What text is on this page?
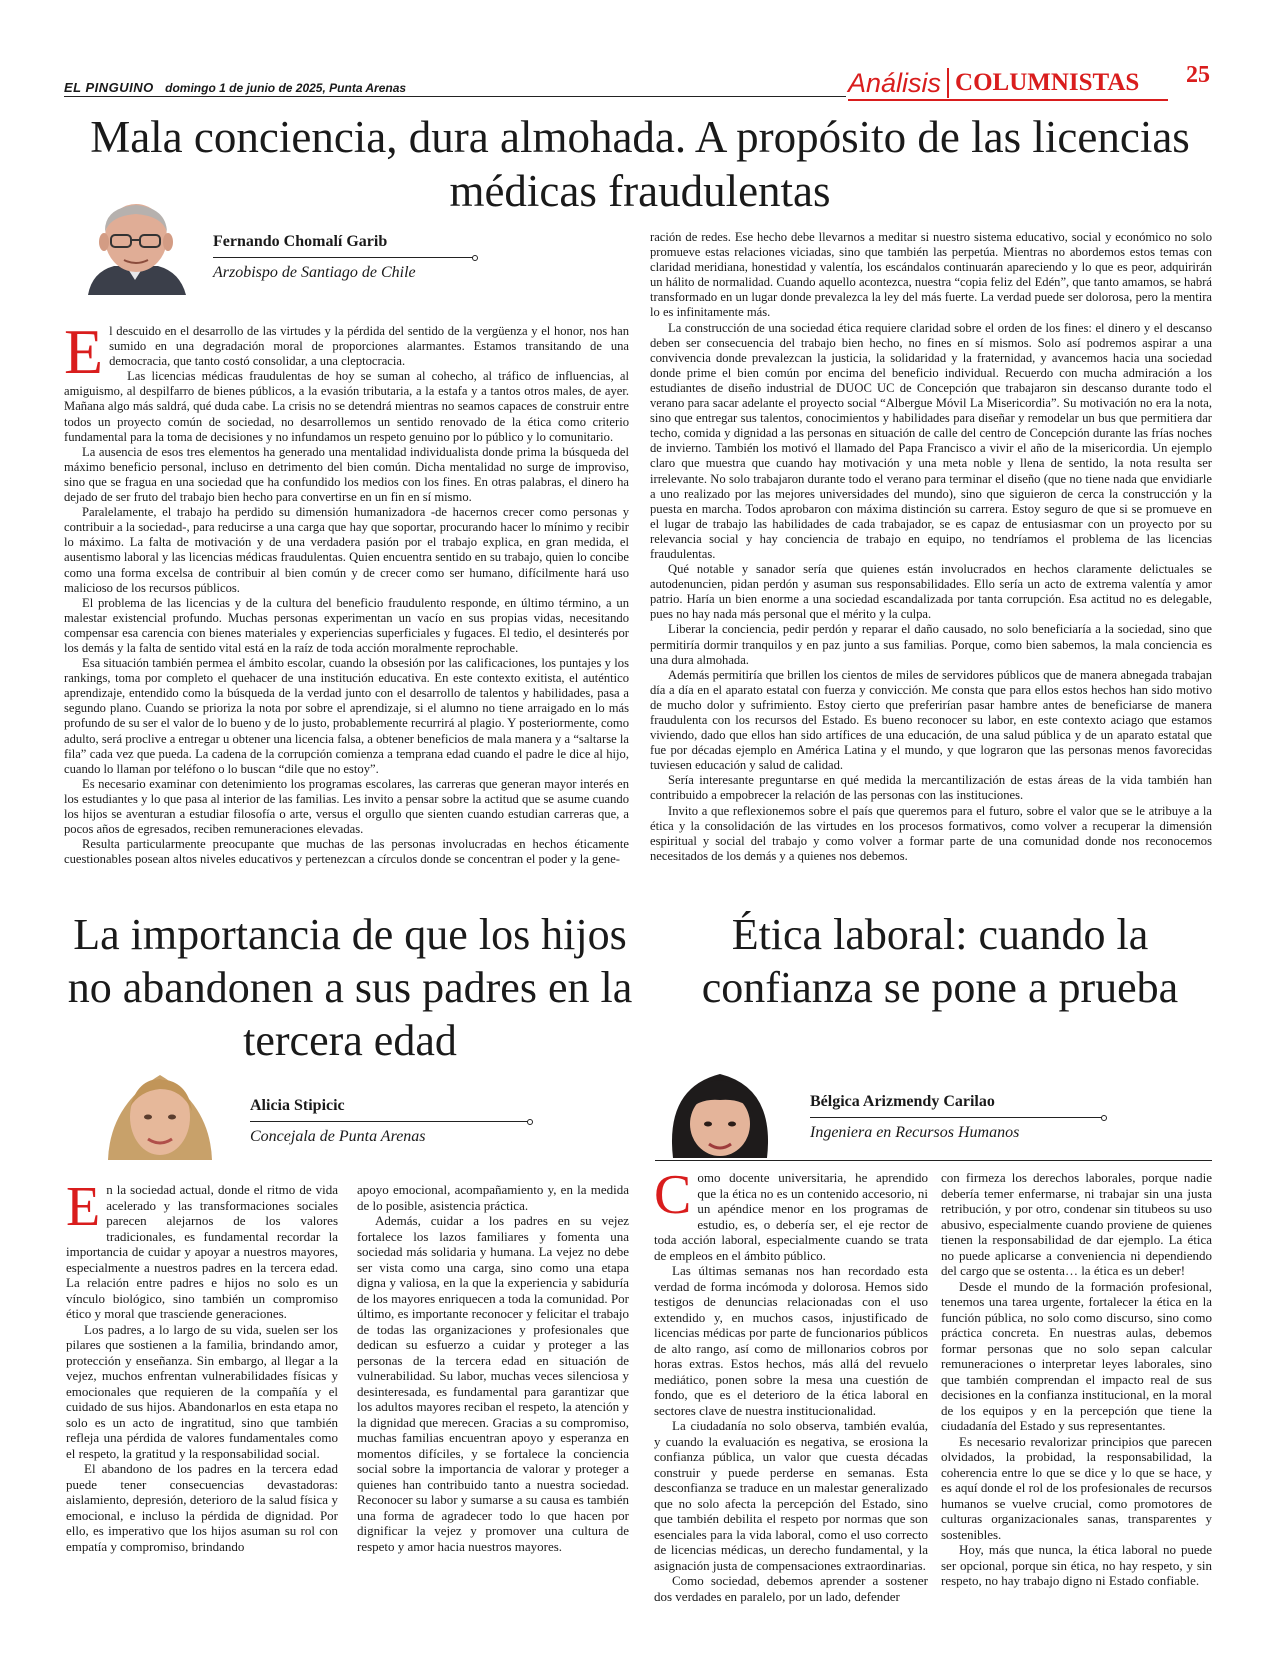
EL PINGUINO domingo 1 de junio de 2025, Punta Arenas	Análisis COLUMNISTAS 25
Mala conciencia, dura almohada. A propósito de las licencias médicas fraudulentas
Fernando Chomalí Garib
Arzobispo de Santiago de Chile
E l descuido en el desarrollo de las virtudes y la pérdida del sentido de la vergüenza y el honor, nos han sumido en una degradación moral de proporciones alarmantes. Estamos transitando de una democracia, que tanto costó consolidar, a una cleptocracia.

Las licencias médicas fraudulentas de hoy se suman al cohecho, al tráfico de influencias, al amiguismo, al despilfarro de bienes públicos, a la evasión tributaria, a la estafa y a tantos otros males, de ayer. Mañana algo más saldrá, qué duda cabe. La crisis no se detendrá mientras no seamos capaces de construir entre todos un proyecto común de sociedad, no desarrollemos un sentido renovado de la ética como criterio fundamental para la toma de decisiones y no infundamos un respeto genuino por lo público y lo comunitario.

La ausencia de esos tres elementos ha generado una mentalidad individualista donde prima la búsqueda del máximo beneficio personal, incluso en detrimento del bien común. Dicha mentalidad no surge de improviso, sino que se fragua en una sociedad que ha confundido los medios con los fines. En otras palabras, el dinero ha dejado de ser fruto del trabajo bien hecho para convertirse en un fin en sí mismo.

Paralelamente, el trabajo ha perdido su dimensión humanizadora -de hacernos crecer como personas y contribuir a la sociedad-, para reducirse a una carga que hay que soportar, procurando hacer lo mínimo y recibir lo máximo. La falta de motivación y de una verdadera pasión por el trabajo explica, en gran medida, el ausentismo laboral y las licencias médicas fraudulentas. Quien encuentra sentido en su trabajo, quien lo concibe como una forma excelsa de contribuir al bien común y de crecer como ser humano, difícilmente hará uso malicioso de los recursos públicos.

El problema de las licencias y de la cultura del beneficio fraudulento responde, en último término, a un malestar existencial profundo. Muchas personas experimentan un vacío en sus propias vidas, necesitando compensar esa carencia con bienes materiales y experiencias superficiales y fugaces. El tedio, el desinterés por los demás y la falta de sentido vital está en la raíz de toda acción moralmente reprochable.

Esa situación también permea el ámbito escolar, cuando la obsesión por las calificaciones, los puntajes y los rankings, toma por completo el quehacer de una institución educativa. En este contexto exitista, el auténtico aprendizaje, entendido como la búsqueda de la verdad junto con el desarrollo de talentos y habilidades, pasa a segundo plano. Cuando se prioriza la nota por sobre el aprendizaje, si el alumno no tiene arraigado en lo más profundo de su ser el valor de lo bueno y de lo justo, probablemente recurrirá al plagio. Y posteriormente, como adulto, será proclive a entregar u obtener una licencia falsa, a obtener beneficios de mala manera y a “saltarse la fila” cada vez que pueda. La cadena de la corrupción comienza a temprana edad cuando el padre le dice al hijo, cuando lo llaman por teléfono o lo buscan “dile que no estoy”.

Es necesario examinar con detenimiento los programas escolares, las carreras que generan mayor interés en los estudiantes y lo que pasa al interior de las familias. Les invito a pensar sobre la actitud que se asume cuando los hijos se aventuran a estudiar filosofía o arte, versus el orgullo que sienten cuando estudian carreras que, a pocos años de egresados, reciben remuneraciones elevadas.

Resulta particularmente preocupante que muchas de las personas involucradas en hechos éticamente cuestionables posean altos niveles educativos y pertenezcan a círculos donde se concentran el poder y la gene-

ración de redes. Ese hecho debe llevarnos a meditar si nuestro sistema educativo, social y económico no solo promueve estas relaciones viciadas, sino que también las perpetúa. Mientras no abordemos estos temas con claridad meridiana, honestidad y valentía, los escándalos continuarán apareciendo y lo que es peor, adquirirán un hálito de normalidad. Cuando aquello acontezca, nuestra “copia feliz del Edén”, que tanto amamos, se habrá transformado en un lugar donde prevalezca la ley del más fuerte. La verdad puede ser dolorosa, pero la mentira lo es infinitamente más.

La construcción de una sociedad ética requiere claridad sobre el orden de los fines: el dinero y el descanso deben ser consecuencia del trabajo bien hecho, no fines en sí mismos. Solo así podremos aspirar a una convivencia donde prevalezcan la justicia, la solidaridad y la fraternidad, y avancemos hacia una sociedad donde prime el bien común por encima del beneficio individual. Recuerdo con mucha admiración a los estudiantes de diseño industrial de DUOC UC de Concepción que trabajaron sin descanso durante todo el verano para sacar adelante el proyecto social “Albergue Móvil La Misericordia”. Su motivación no era la nota, sino que entregar sus talentos, conocimientos y habilidades para diseñar y remodelar un bus que permitiera dar techo, comida y dignidad a las personas en situación de calle del centro de Concepción durante las frías noches de invierno. También los motivó el llamado del Papa Francisco a vivir el año de la misericordia. Un ejemplo claro que muestra que cuando hay motivación y una meta noble y llena de sentido, la nota resulta ser irrelevante. No solo trabajaron durante todo el verano para terminar el diseño (que no tiene nada que envidiarle a uno realizado por las mejores universidades del mundo), sino que siguieron de cerca la construcción y la puesta en marcha. Todos aprobaron con máxima distinción su carrera. Estoy seguro de que si se promueve en el lugar de trabajo las habilidades de cada trabajador, se es capaz de entusiasmar con un proyecto por su relevancia social y hay conciencia de trabajo en equipo, no tendríamos el problema de las licencias fraudulentas.

Qué notable y sanador sería que quienes están involucrados en hechos claramente delictuales se autodenuncien, pidan perdón y asuman sus responsabilidades. Ello sería un acto de extrema valentía y amor patrio. Haría un bien enorme a una sociedad escandalizada por tanta corrupción. Esa actitud no es delegable, pues no hay nada más personal que el mérito y la culpa.

Liberar la conciencia, pedir perdón y reparar el daño causado, no solo beneficiaría a la sociedad, sino que permitiría dormir tranquilos y en paz junto a sus familias. Porque, como bien sabemos, la mala conciencia es una dura almohada.

Además permitiría que brillen los cientos de miles de servidores públicos que de manera abnegada trabajan día a día en el aparato estatal con fuerza y convicción. Me consta que para ellos estos hechos han sido motivo de mucho dolor y sufrimiento. Estoy cierto que preferirían pasar hambre antes de beneficiarse de manera fraudulenta con los recursos del Estado. Es bueno reconocer su labor, en este contexto aciago que estamos viviendo, dado que ellos han sido artífices de una educación, de una salud pública y de un aparato estatal que fue por décadas ejemplo en América Latina y el mundo, y que lograron que las personas menos favorecidas tuviesen educación y salud de calidad.

Sería interesante preguntarse en qué medida la mercantilización de estas áreas de la vida también han contribuido a empobrecer la relación de las personas con las instituciones.

Invito a que reflexionemos sobre el país que queremos para el futuro, sobre el valor que se le atribuye a la ética y la consolidación de las virtudes en los procesos formativos, como volver a recuperar la dimensión espiritual y social del trabajo y como volver a formar parte de una comunidad donde nos reconocemos necesitados de los demás y a quienes nos debemos.

La importancia de que los hijos no abandonen a sus padres en la tercera edad
Alicia Stipicic
Concejala de Punta Arenas
E n la sociedad actual, donde el ritmo de vida acelerado y las transformaciones sociales parecen alejarnos de los valores tradicionales, es fundamental recordar la importancia de cuidar y apoyar a nuestros mayores, especialmente a nuestros padres en la tercera edad. La relación entre padres e hijos no solo es un vínculo biológico, sino también un compromiso ético y moral que trasciende generaciones.

Los padres, a lo largo de su vida, suelen ser los pilares que sostienen a la familia, brindando amor, protección y enseñanza. Sin embargo, al llegar a la vejez, muchos enfrentan vulnerabilidades físicas y emocionales que requieren de la compañía y el cuidado de sus hijos. Abandonarlos en esta etapa no solo es un acto de ingratitud, sino que también refleja una pérdida de valores fundamentales como el respeto, la gratitud y la responsabilidad social.

El abandono de los padres en la tercera edad puede tener consecuencias devastadoras: aislamiento, depresión, deterioro de la salud física y emocional, e incluso la pérdida de dignidad. Por ello, es imperativo que los hijos asuman su rol con empatía y compromiso, brindando

apoyo emocional, acompañamiento y, en la medida de lo posible, asistencia práctica.

Además, cuidar a los padres en su vejez fortalece los lazos familiares y fomenta una sociedad más solidaria y humana. La vejez no debe ser vista como una carga, sino como una etapa digna y valiosa, en la que la experiencia y sabiduría de los mayores enriquecen a toda la comunidad. Por último, es importante reconocer y felicitar el trabajo de todas las organizaciones y profesionales que dedican su esfuerzo a cuidar y proteger a las personas de la tercera edad en situación de vulnerabilidad. Su labor, muchas veces silenciosa y desinteresada, es fundamental para garantizar que los adultos mayores reciban el respeto, la atención y la dignidad que merecen. Gracias a su compromiso, muchas familias encuentran apoyo y esperanza en momentos difíciles, y se fortalece la conciencia social sobre la importancia de valorar y proteger a quienes han contribuido tanto a nuestra sociedad. Reconocer su labor y sumarse a su causa es también una forma de agradecer todo lo que hacen por dignificar la vejez y promover una cultura de respeto y amor hacia nuestros mayores.

Ética laboral: cuando la confianza se pone a prueba
Bélgica Arizmendy Carilao
Ingeniera en Recursos Humanos
C omo docente universitaria, he aprendido que la ética no es un contenido accesorio, ni un apéndice menor en los programas de estudio, es, o debería ser, el eje rector de toda acción laboral, especialmente cuando se trata de empleos en el ámbito público.

Las últimas semanas nos han recordado esta verdad de forma incómoda y dolorosa. Hemos sido testigos de denuncias relacionadas con el uso extendido y, en muchos casos, injustificado de licencias médicas por parte de funcionarios públicos de alto rango, así como de millonarios cobros por horas extras. Estos hechos, más allá del revuelo mediático, ponen sobre la mesa una cuestión de fondo, que es el deterioro de la ética laboral en sectores clave de nuestra institucionalidad.

La ciudadanía no solo observa, también evalúa, y cuando la evaluación es negativa, se erosiona la confianza pública, un valor que cuesta décadas construir y puede perderse en semanas. Esta desconfianza se traduce en un malestar generalizado que no solo afecta la percepción del Estado, sino que también debilita el respeto por normas que son esenciales para la vida laboral, como el uso correcto de licencias médicas, un derecho fundamental, y la asignación justa de compensaciones extraordinarias.

Como sociedad, debemos aprender a sostener dos verdades en paralelo, por un lado, defender

con firmeza los derechos laborales, porque nadie debería temer enfermarse, ni trabajar sin una justa retribución, y por otro, condenar sin titubeos su uso abusivo, especialmente cuando proviene de quienes tienen la responsabilidad de dar ejemplo. La ética no puede aplicarse a conveniencia ni dependiendo del cargo que se ostenta… la ética es un deber!

Desde el mundo de la formación profesional, tenemos una tarea urgente, fortalecer la ética en la función pública, no solo como discurso, sino como práctica concreta. En nuestras aulas, debemos formar personas que no solo sepan calcular remuneraciones o interpretar leyes laborales, sino que también comprendan el impacto real de sus decisiones en la confianza institucional, en la moral de los equipos y en la percepción que tiene la ciudadanía del Estado y sus representantes.

Es necesario revalorizar principios que parecen olvidados, la probidad, la responsabilidad, la coherencia entre lo que se dice y lo que se hace, y es aquí donde el rol de los profesionales de recursos humanos se vuelve crucial, como promotores de culturas organizacionales sanas, transparentes y sostenibles.

Hoy, más que nunca, la ética laboral no puede ser opcional, porque sin ética, no hay respeto, y sin respeto, no hay trabajo digno ni Estado confiable.
